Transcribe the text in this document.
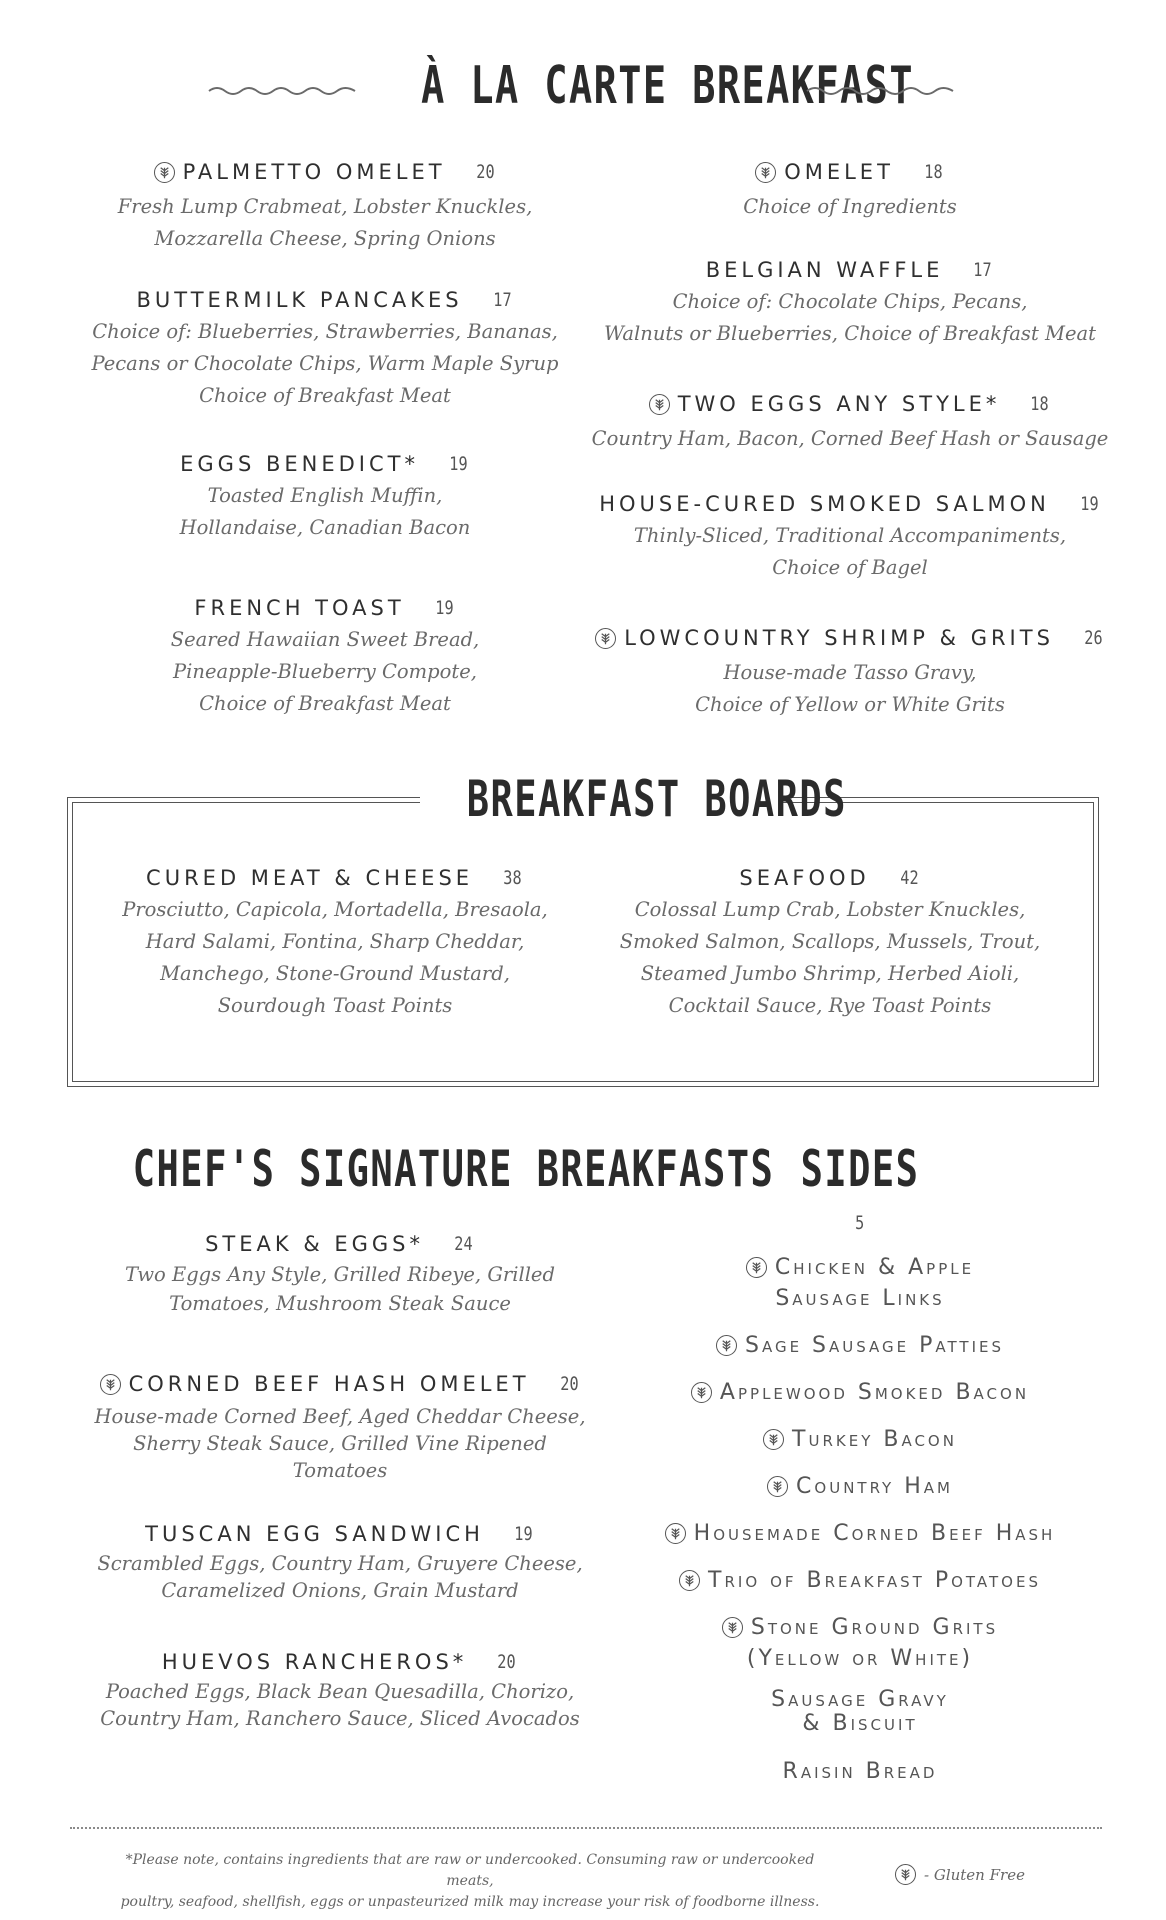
À LA CARTE BREAKFAST
PALMETTO OMELET 20
Fresh Lump Crabmeat, Lobster Knuckles,
Mozzarella Cheese, Spring Onions
BUTTERMILK PANCAKES 17
Choice of: Blueberries, Strawberries, Bananas,
Pecans or Chocolate Chips, Warm Maple Syrup
Choice of Breakfast Meat
EGGS BENEDICT* 19
Toasted English Muffin,
Hollandaise, Canadian Bacon
FRENCH TOAST 19
Seared Hawaiian Sweet Bread,
Pineapple-Blueberry Compote,
Choice of Breakfast Meat
OMELET 18
Choice of Ingredients
BELGIAN WAFFLE 17
Choice of: Chocolate Chips, Pecans,
Walnuts or Blueberries, Choice of Breakfast Meat
TWO EGGS ANY STYLE* 18
Country Ham, Bacon, Corned Beef Hash or Sausage
HOUSE-CURED SMOKED SALMON 19
Thinly-Sliced, Traditional Accompaniments,
Choice of Bagel
LOWCOUNTRY SHRIMP & GRITS 26
House-made Tasso Gravy,
Choice of Yellow or White Grits
BREAKFAST BOARDS
CURED MEAT & CHEESE 38
Prosciutto, Capicola, Mortadella, Bresaola,
Hard Salami, Fontina, Sharp Cheddar,
Manchego, Stone-Ground Mustard,
Sourdough Toast Points
SEAFOOD 42
Colossal Lump Crab, Lobster Knuckles,
Smoked Salmon, Scallops, Mussels, Trout,
Steamed Jumbo Shrimp, Herbed Aioli,
Cocktail Sauce, Rye Toast Points
CHEF'S SIGNATURE BREAKFASTS
STEAK & EGGS* 24
Two Eggs Any Style, Grilled Ribeye, Grilled
Tomatoes, Mushroom Steak Sauce
CORNED BEEF HASH OMELET 20
House-made Corned Beef, Aged Cheddar Cheese,
Sherry Steak Sauce, Grilled Vine Ripened
Tomatoes
TUSCAN EGG SANDWICH 19
Scrambled Eggs, Country Ham, Gruyere Cheese,
Caramelized Onions, Grain Mustard
HUEVOS RANCHEROS* 20
Poached Eggs, Black Bean Quesadilla, Chorizo,
Country Ham, Ranchero Sauce, Sliced Avocados
SIDES
5
Chicken & Apple
Sausage Links
Sage Sausage Patties
Applewood Smoked Bacon
Turkey Bacon
Country Ham
Housemade Corned Beef Hash
Trio of Breakfast Potatoes
Stone Ground Grits
(Yellow or White)
Sausage Gravy
& Biscuit
Raisin Bread
*Please note, contains ingredients that are raw or undercooked. Consuming raw or undercooked meats,
poultry, seafood, shellfish, eggs or unpasteurized milk may increase your risk of foodborne illness.
- Gluten Free
